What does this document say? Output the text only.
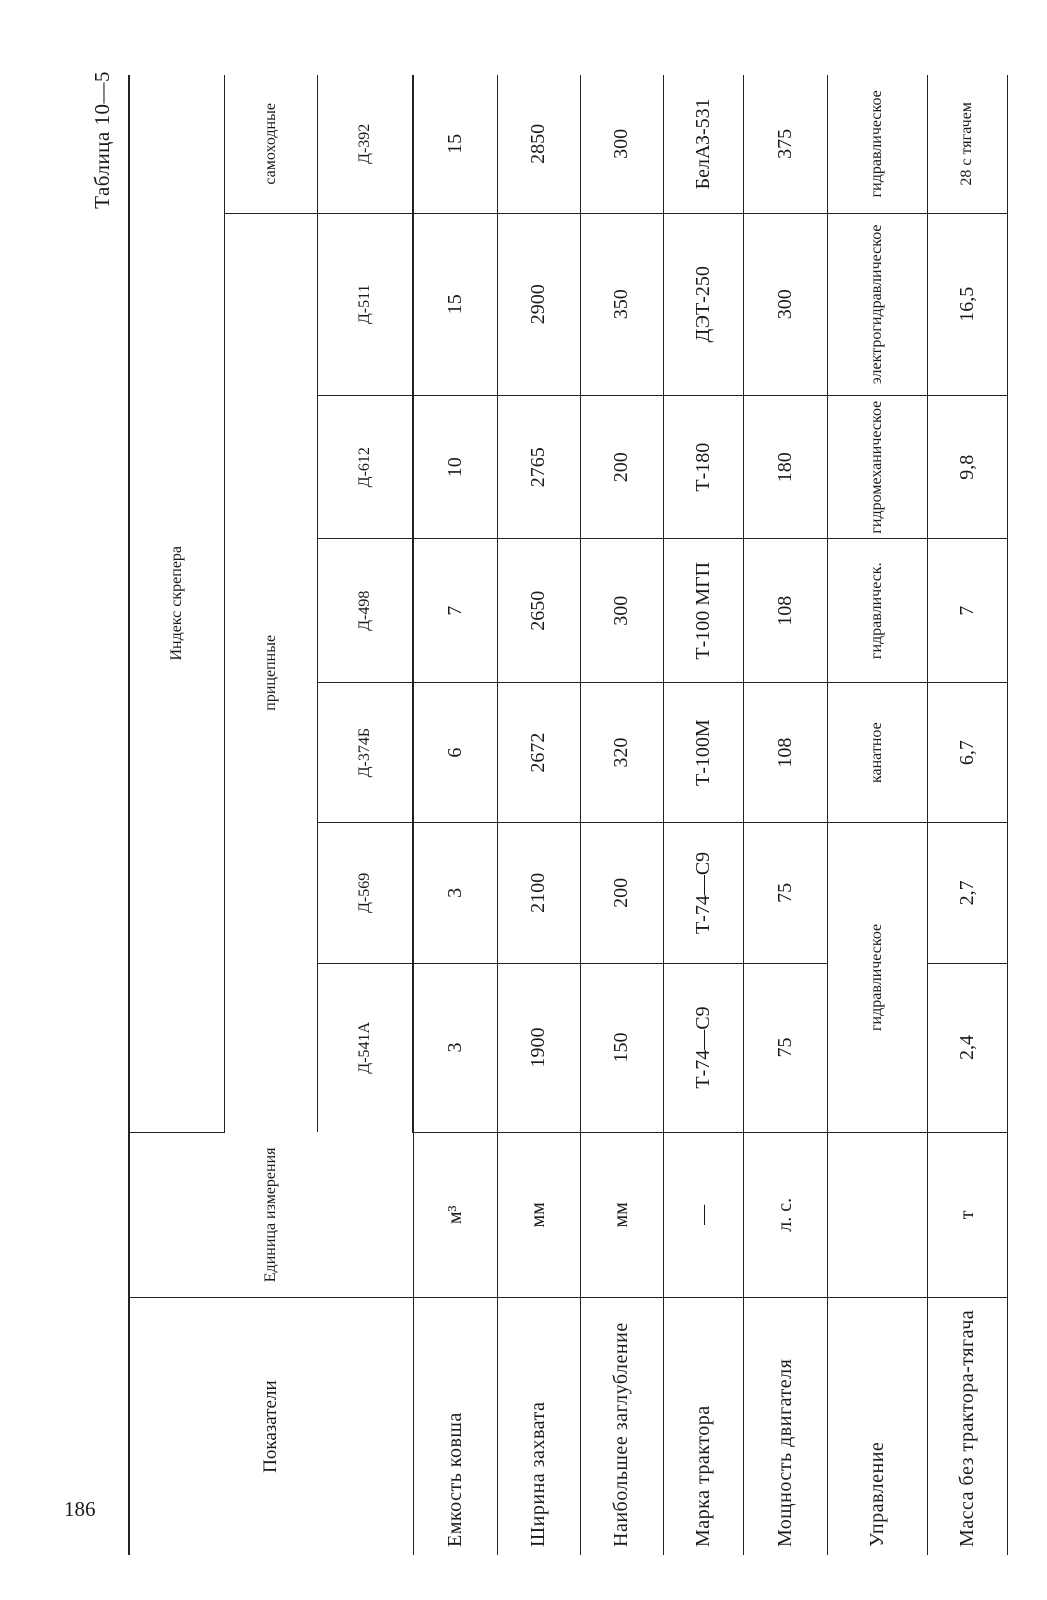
186
Таблица 10—5
Показатели	Единица измерения	Индекс скрепера						
		прицепные						самоходные
		Д-541А	Д-569	Д-374Б	Д-498	Д-612	Д-511	Д-392
Емкость ковша	м³	3	3	6	7	10	15	15
Ширина захвата	мм	1900	2100	2672	2650	2765	2900	2850
Наибольшее заглубление	мм	150	200	320	300	200	350	300
Марка трактора	—	Т-74—С9	Т-74—С9	Т-100М	Т-100 МГП	Т-180	ДЭТ-250	БелАЗ-531
Мощность двигателя	л. с.	75	75	108	108	180	300	375
Управление		гидравлическое		канатное	гидравлическ.	гидромеханическое	электрогидравлическое	гидравлическое
Масса без трактора-тягача	т	2,4	2,7	6,7	7	9,8	16,5	28 с тягачем
